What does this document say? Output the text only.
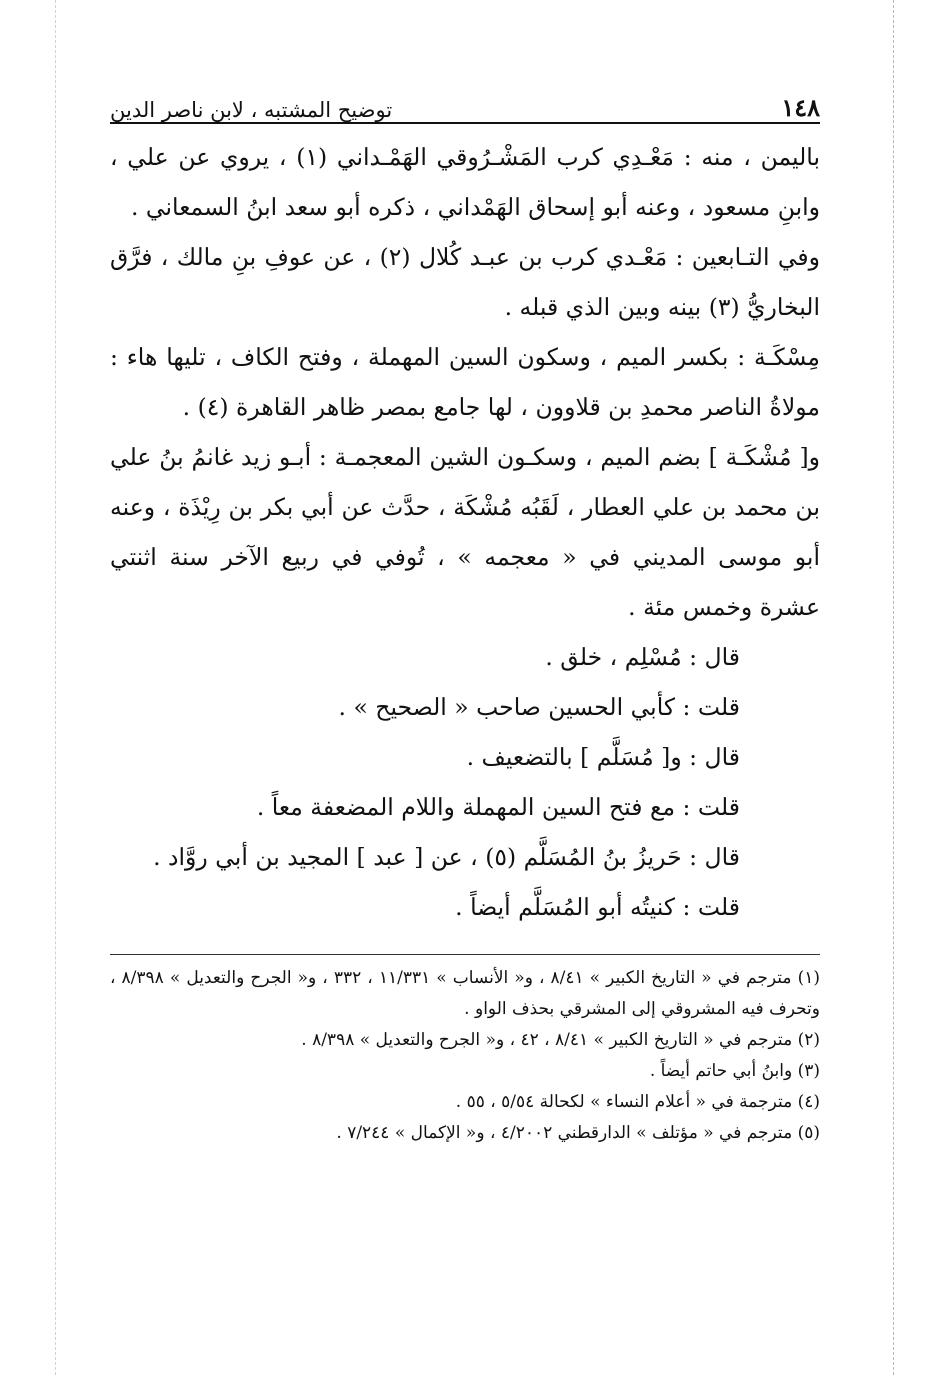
١٤٨
توضيح المشتبه ، لابن ناصر الدين

باليمن ، منه : مَعْـدِي كرب المَشْـرُوقي الهَمْـداني (١) ، يروي عن علي ، وابنِ مسعود ، وعنه أبو إسحاق الهَمْداني ، ذكره أبو سعد ابنُ السمعاني .

وفي التـابعين : مَعْـدي كرب بن عبـد كُلال (٢) ، عن عوفِ بنِ مالك ، فرَّق البخاريُّ (٣) بينه وبين الذي قبله .

مِسْكَـة : بكسر الميم ، وسكون السين المهملة ، وفتح الكاف ، تليها هاء : مولاةُ الناصر محمدِ بن قلاوون ، لها جامع بمصر ظاهر القاهرة (٤) .

و[ مُشْكَـة ] بضم الميم ، وسكـون الشين المعجمـة : أبـو زيد غانمُ بنُ علي بن محمد بن علي العطار ، لَقَبُه مُشْكَة ، حدَّث عن أبي بكر بن رِيْذَة ، وعنه أبو موسى المديني في « معجمه » ، تُوفي في ربيع الآخر سنة اثنتي عشرة وخمس مئة .

قال : مُسْلِم ، خلق .

قلت : كأبي الحسين صاحب « الصحيح » .

قال : و[ مُسَلَّم ] بالتضعيف .

قلت : مع فتح السين المهملة واللام المضعفة معاً .

قال : حَريزُ بنُ المُسَلَّم (٥) ، عن [ عبد ] المجيد بن أبي روَّاد .

قلت : كنيتُه أبو المُسَلَّم أيضاً .

(١) مترجم في « التاريخ الكبير » ٨/٤١ ، و« الأنساب » ١١/٣٣١ ، ٣٣٢ ، و« الجرح والتعديل » ٨/٣٩٨ ، وتحرف فيه المشروقي إلى المشرقي بحذف الواو .

(٢) مترجم في « التاريخ الكبير » ٨/٤١ ، ٤٢ ، و« الجرح والتعديل » ٨/٣٩٨ .

(٣) وابنُ أبي حاتم أيضاً .

(٤) مترجمة في « أعلام النساء » لكحالة ٥/٥٤ ، ٥٥ .

(٥) مترجم في « مؤتلف » الدارقطني ٤/٢٠٠٢ ، و« الإكمال » ٧/٢٤٤ .
